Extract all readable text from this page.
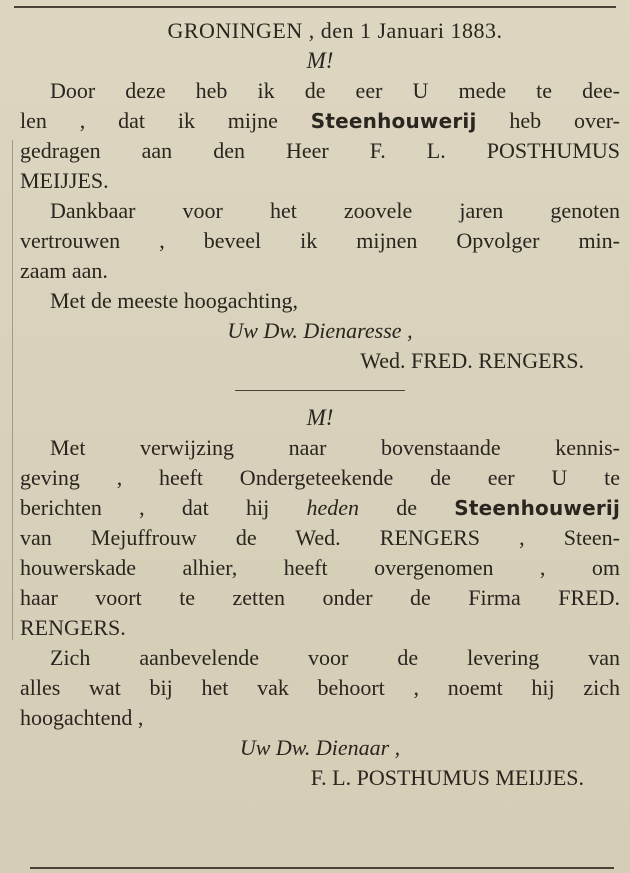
GRONINGEN , den 1 Januari 1883.
M!
Door deze heb ik de eer U mede te dee-
len , dat ik mijne Steenhouwerij heb over-
gedragen aan den Heer F. L. POSTHUMUS
MEIJJES.
Dankbaar voor het zoovele jaren genoten
vertrouwen , beveel ik mijnen Opvolger min-
zaam aan.
Met de meeste hoogachting,
Uw Dw. Dienaresse ,
Wed. FRED. RENGERS.
M!
Met verwijzing naar bovenstaande kennis-
geving , heeft Ondergeteekende de eer U te
berichten , dat hij heden de Steenhouwerij
van Mejuffrouw de Wed. RENGERS , Steen-
houwerskade alhier, heeft overgenomen , om
haar voort te zetten onder de Firma FRED.
RENGERS.
Zich aanbevelende voor de levering van
alles wat bij het vak behoort , noemt hij zich
hoogachtend ,
Uw Dw. Dienaar ,
F. L. POSTHUMUS MEIJJES.
